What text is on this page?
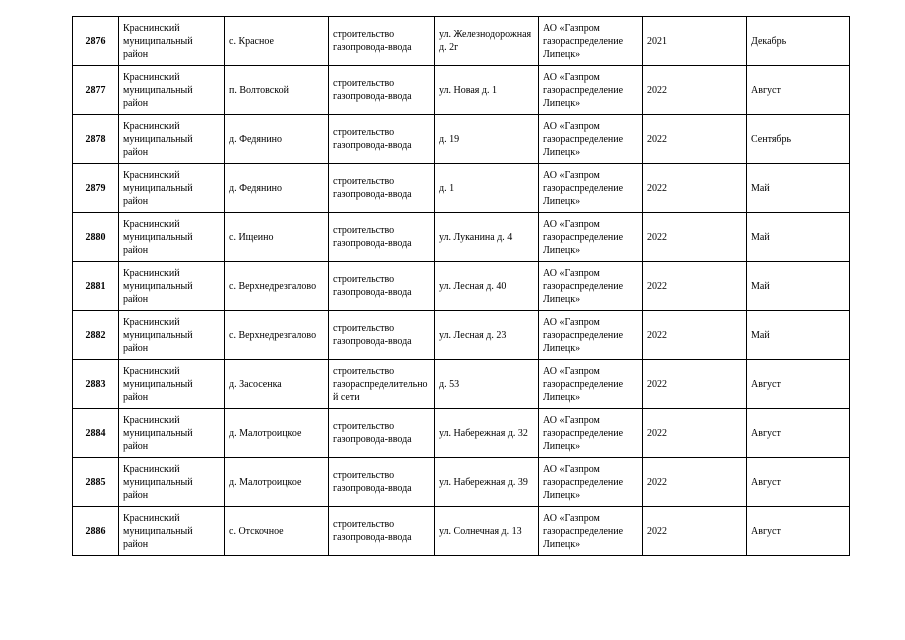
2876	Краснинский муниципальный район	с. Красное	строительство газопровода-ввода	ул. Железнодорожная д. 2г	АО «Газпром газораспределение Липецк»	2021	Декабрь
2877	Краснинский муниципальный район	п. Волтовской	строительство газопровода-ввода	ул. Новая д. 1	АО «Газпром газораспределение Липецк»	2022	Август
2878	Краснинский муниципальный район	д. Федянино	строительство газопровода-ввода	д. 19	АО «Газпром газораспределение Липецк»	2022	Сентябрь
2879	Краснинский муниципальный район	д. Федянино	строительство газопровода-ввода	д. 1	АО «Газпром газораспределение Липецк»	2022	Май
2880	Краснинский муниципальный район	с. Ищеино	строительство газопровода-ввода	ул. Луканина д. 4	АО «Газпром газораспределение Липецк»	2022	Май
2881	Краснинский муниципальный район	с. Верхнедрезгалово	строительство газопровода-ввода	ул. Лесная д. 40	АО «Газпром газораспределение Липецк»	2022	Май
2882	Краснинский муниципальный район	с. Верхнедрезгалово	строительство газопровода-ввода	ул. Лесная д. 23	АО «Газпром газораспределение Липецк»	2022	Май
2883	Краснинский муниципальный район	д. Засосенка	строительство газораспределительной сети	д. 53	АО «Газпром газораспределение Липецк»	2022	Август
2884	Краснинский муниципальный район	д. Малотроицкое	строительство газопровода-ввода	ул. Набережная д. 32	АО «Газпром газораспределение Липецк»	2022	Август
2885	Краснинский муниципальный район	д. Малотроицкое	строительство газопровода-ввода	ул. Набережная д. 39	АО «Газпром газораспределение Липецк»	2022	Август
2886	Краснинский муниципальный район	с. Отскочное	строительство газопровода-ввода	ул. Солнечная д. 13	АО «Газпром газораспределение Липецк»	2022	Август
